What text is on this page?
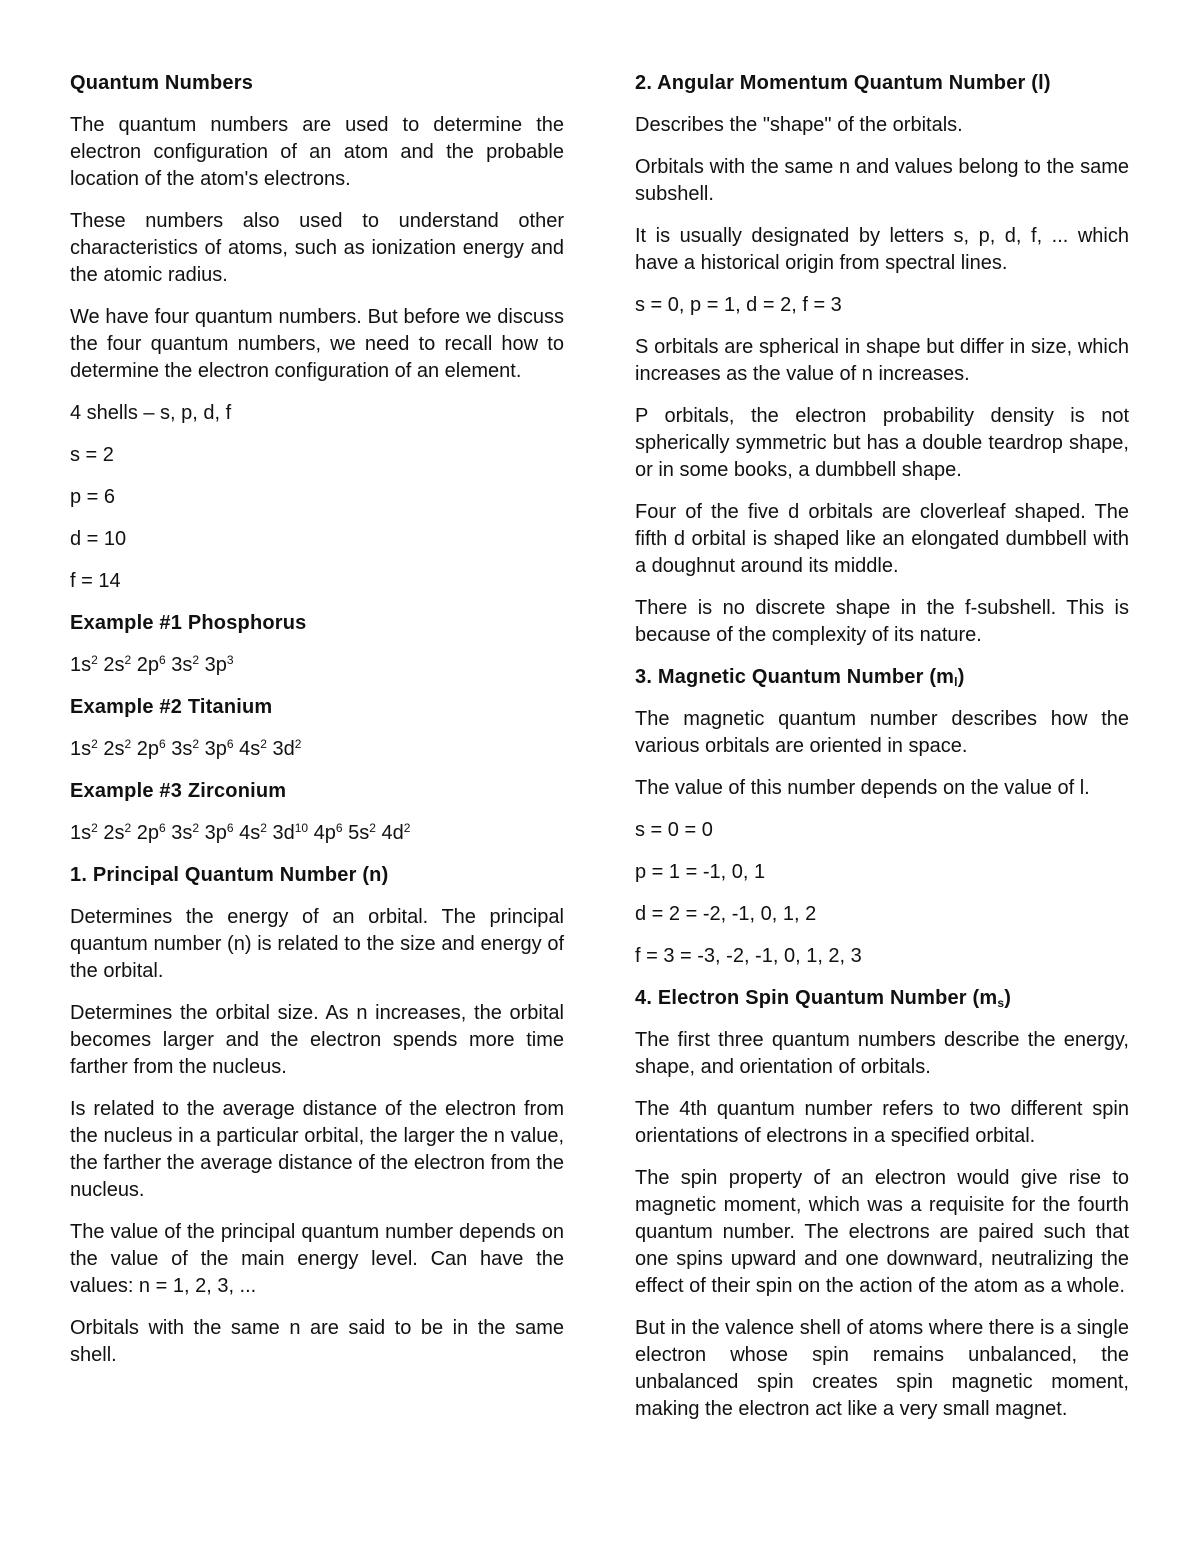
Quantum Numbers

The quantum numbers are used to determine the electron configuration of an atom and the probable location of the atom's electrons.

These numbers also used to understand other characteristics of atoms, such as ionization energy and the atomic radius.

We have four quantum numbers. But before we discuss the four quantum numbers, we need to recall how to determine the electron configuration of an element.

4 shells – s, p, d, f

s = 2

p = 6

d = 10

f = 14

Example #1 Phosphorus

$1s^2$ $2s^2$ $2p^6$ $3s^2$ $3p^3$

Example #2 Titanium

$1s^2$ $2s^2$ $2p^6$ $3s^2$ $3p^6$ $4s^2$ $3d^2$

Example #3 Zirconium

$1s^2$ $2s^2$ $2p^6$ $3s^2$ $3p^6$ $4s^2$ $3d^{10}$ $4p^6$ $5s^2$ $4d^2$

1. Principal Quantum Number (n)

Determines the energy of an orbital. The principal quantum number (n) is related to the size and energy of the orbital.

Determines the orbital size. As n increases, the orbital becomes larger and the electron spends more time farther from the nucleus.

Is related to the average distance of the electron from the nucleus in a particular orbital, the larger the n value, the farther the average distance of the electron from the nucleus.

The value of the principal quantum number depends on the value of the main energy level. Can have the values: n = 1, 2, 3, ...

Orbitals with the same n are said to be in the same shell.

2. Angular Momentum Quantum Number (l)

Describes the "shape" of the orbitals.

Orbitals with the same n and values belong to the same subshell.

It is usually designated by letters s, p, d, f, ... which have a historical origin from spectral lines.

s = 0, p = 1, d = 2, f = 3

S orbitals are spherical in shape but differ in size, which increases as the value of n increases.

P orbitals, the electron probability density is not spherically symmetric but has a double teardrop shape, or in some books, a dumbbell shape.

Four of the five d orbitals are cloverleaf shaped. The fifth d orbital is shaped like an elongated dumbbell with a doughnut around its middle.

There is no discrete shape in the f-subshell. This is because of the complexity of its nature.

3. Magnetic Quantum Number $(m_l)$

The magnetic quantum number describes how the various orbitals are oriented in space.

The value of this number depends on the value of l.

s = 0 = 0

p = 1 = -1, 0, 1

d = 2 = -2, -1, 0, 1, 2

f = 3 = -3, -2, -1, 0, 1, 2, 3

4. Electron Spin Quantum Number $(m_s)$

The first three quantum numbers describe the energy, shape, and orientation of orbitals.

The 4th quantum number refers to two different spin orientations of electrons in a specified orbital.

The spin property of an electron would give rise to magnetic moment, which was a requisite for the fourth quantum number. The electrons are paired such that one spins upward and one downward, neutralizing the effect of their spin on the action of the atom as a whole.

But in the valence shell of atoms where there is a single electron whose spin remains unbalanced, the unbalanced spin creates spin magnetic moment, making the electron act like a very small magnet.
